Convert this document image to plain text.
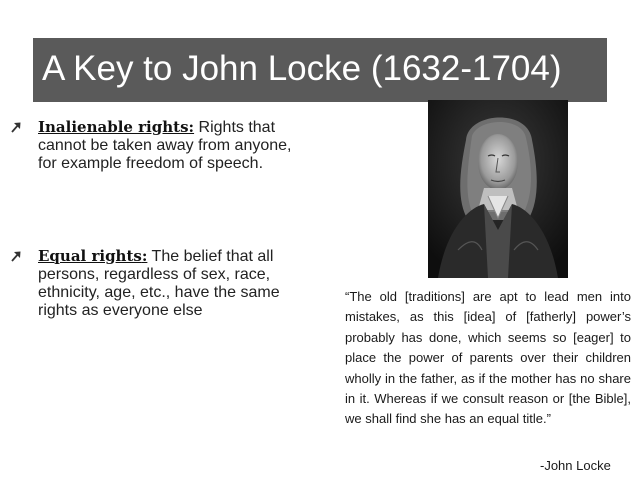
A Key to John Locke (1632-1704)
Inalienable rights: Rights that cannot be taken away from anyone, for example freedom of speech.
Equal rights: The belief that all persons, regardless of sex, race, ethnicity, age, etc., have the same rights as everyone else
“The old [traditions] are apt to lead men into mistakes, as this [idea] of [fatherly] power’s probably has done, which seems so [eager] to place the power of parents over their children wholly in the father, as if the mother has no share in it. Whereas if we consult reason or [the Bible], we shall find she has an equal title.”
-John Locke
